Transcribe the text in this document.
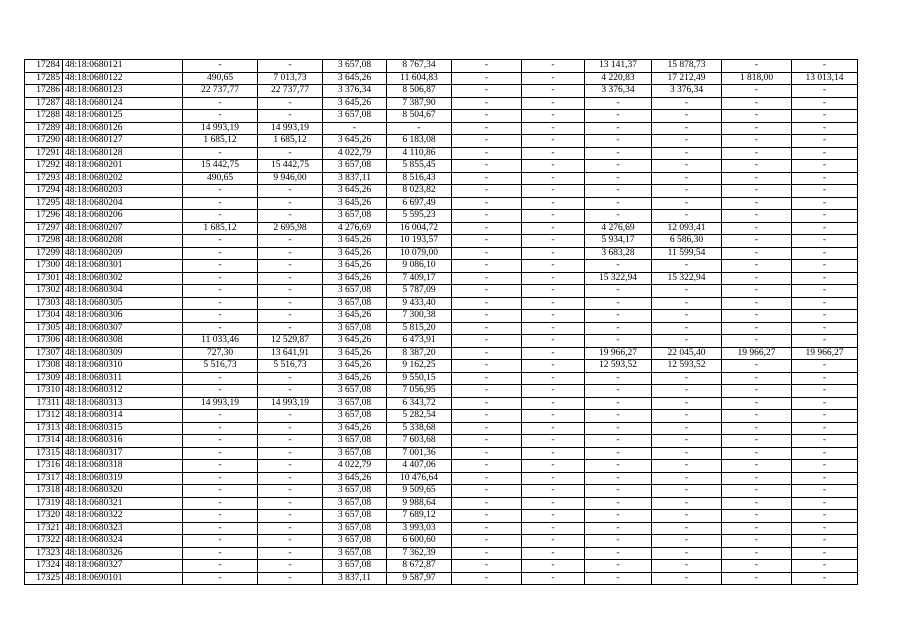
17284	48:18:0680121	-	-	3 657,08	8 767,34	-	-	13 141,37	15 878,73	-	-
17285	48:18:0680122	490,65	7 013,73	3 645,26	11 604,83	-	-	4 220,83	17 212,49	1 818,00	13 013,14
17286	48:18:0680123	22 737,77	22 737,77	3 376,34	8 506,87	-	-	3 376,34	3 376,34	-	-
17287	48:18:0680124	-	-	3 645,26	7 387,90	-	-	-	-	-	-
17288	48:18:0680125	-	-	3 657,08	8 504,67	-	-	-	-	-	-
17289	48:18:0680126	14 993,19	14 993,19	-	-	-	-	-	-	-	-
17290	48:18:0680127	1 685,12	1 685,12	3 645,26	6 183,08	-	-	-	-	-	-
17291	48:18:0680128	-	-	4 022,79	4 110,86	-	-	-	-	-	-
17292	48:18:0680201	15 442,75	15 442,75	3 657,08	5 855,45	-	-	-	-	-	-
17293	48:18:0680202	490,65	9 946,00	3 837,11	8 516,43	-	-	-	-	-	-
17294	48:18:0680203	-	-	3 645,26	8 023,82	-	-	-	-	-	-
17295	48:18:0680204	-	-	3 645,26	6 697,49	-	-	-	-	-	-
17296	48:18:0680206	-	-	3 657,08	5 595,23	-	-	-	-	-	-
17297	48:18:0680207	1 685,12	2 695,98	4 276,69	16 004,72	-	-	4 276,69	12 093,41	-	-
17298	48:18:0680208	-	-	3 645,26	10 193,57	-	-	5 934,17	6 586,30	-	-
17299	48:18:0680209	-	-	3 645,26	10 079,00	-	-	3 683,28	11 599,54	-	-
17300	48:18:0680301	-	-	3 645,26	9 086,10	-	-	-	-	-	-
17301	48:18:0680302	-	-	3 645,26	7 409,17	-	-	15 322,94	15 322,94	-	-
17302	48:18:0680304	-	-	3 657,08	5 787,09	-	-	-	-	-	-
17303	48:18:0680305	-	-	3 657,08	9 433,40	-	-	-	-	-	-
17304	48:18:0680306	-	-	3 645,26	7 300,38	-	-	-	-	-	-
17305	48:18:0680307	-	-	3 657,08	5 815,20	-	-	-	-	-	-
17306	48:18:0680308	11 033,46	12 529,87	3 645,26	6 473,91	-	-	-	-	-	-
17307	48:18:0680309	727,30	13 641,91	3 645,26	8 387,20	-	-	19 966,27	22 045,40	19 966,27	19 966,27
17308	48:18:0680310	5 516,73	5 516,73	3 645,26	9 162,25	-	-	12 593,52	12 593,52	-	-
17309	48:18:0680311	-	-	3 645,26	9 550,15	-	-	-	-	-	-
17310	48:18:0680312	-	-	3 657,08	7 056,95	-	-	-	-	-	-
17311	48:18:0680313	14 993,19	14 993,19	3 657,08	6 343,72	-	-	-	-	-	-
17312	48:18:0680314	-	-	3 657,08	5 282,54	-	-	-	-	-	-
17313	48:18:0680315	-	-	3 645,26	5 338,68	-	-	-	-	-	-
17314	48:18:0680316	-	-	3 657,08	7 603,68	-	-	-	-	-	-
17315	48:18:0680317	-	-	3 657,08	7 001,36	-	-	-	-	-	-
17316	48:18:0680318	-	-	4 022,79	4 407,06	-	-	-	-	-	-
17317	48:18:0680319	-	-	3 645,26	10 476,64	-	-	-	-	-	-
17318	48:18:0680320	-	-	3 657,08	9 509,65	-	-	-	-	-	-
17319	48:18:0680321	-	-	3 657,08	9 988,64	-	-	-	-	-	-
17320	48:18:0680322	-	-	3 657,08	7 689,12	-	-	-	-	-	-
17321	48:18:0680323	-	-	3 657,08	3 993,03	-	-	-	-	-	-
17322	48:18:0680324	-	-	3 657,08	6 600,60	-	-	-	-	-	-
17323	48:18:0680326	-	-	3 657,08	7 362,39	-	-	-	-	-	-
17324	48:18:0680327	-	-	3 657,08	8 672,87	-	-	-	-	-	-
17325	48:18:0690101	-	-	3 837,11	9 587,97	-	-	-	-	-	-
